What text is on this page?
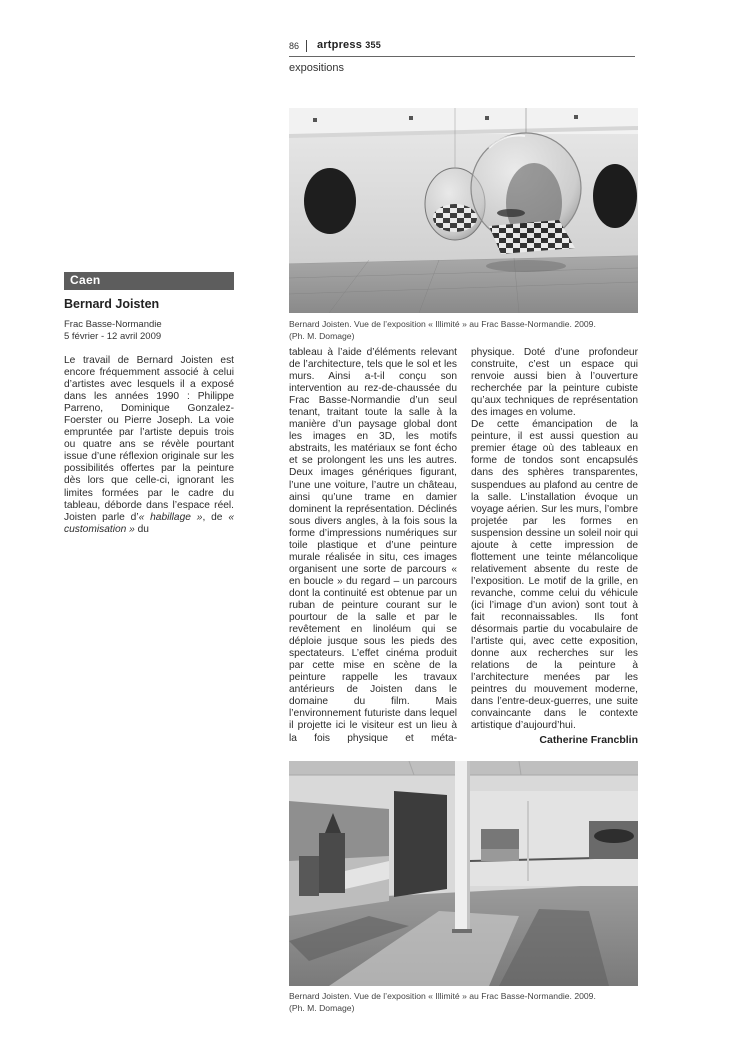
86 artpress 355
expositions
Bernard Joisten. Vue de l’exposition « Illimité » au Frac Basse-Normandie. 2009.
(Ph. M. Domage)
Caen
Bernard Joisten
Frac Basse-Normandie
5 février - 12 avril 2009

Le travail de Bernard Joisten est encore fréquemment associé à celui d’artistes avec lesquels il a exposé dans les années 1990 : Philippe Parreno, Dominique Gonzalez-Foerster ou Pierre Joseph. La voie empruntée par l’artiste depuis trois ou quatre ans se révèle pourtant issue d’une réflexion originale sur les possibilités offertes par la peinture dès lors que celle-ci, ignorant les limites formées par le cadre du tableau, déborde dans l’espace réel. Joisten parle d’« habillage », de « customisation » du

tableau à l’aide d’éléments relevant de l’architecture, tels que le sol et les murs. Ainsi a-t-il conçu son intervention au rez-de-chaussée du Frac Basse-Normandie d’un seul tenant, traitant toute la salle à la manière d’un paysage global dont les images en 3D, les motifs abstraits, les matériaux se font écho et se prolongent les uns les autres. Deux images génériques figurant, l’une une voiture, l’autre un château, ainsi qu’une trame en damier dominent la représentation. Déclinés sous divers angles, à la fois sous la forme d’impressions numériques sur toile plastique et d’une peinture murale réalisée in situ, ces images organisent une sorte de parcours « en boucle » du regard – un parcours dont la continuité est obtenue par un ruban de peinture courant sur le pourtour de la salle et par le revêtement en linoléum qui se déploie jusque sous les pieds des spectateurs. L’effet cinéma produit par cette mise en scène de la peinture rappelle les travaux antérieurs de Joisten dans le domaine du film. Mais l’environnement futuriste dans lequel il projette ici le visiteur est un lieu à la fois physique et méta-

physique. Doté d’une profondeur construite, c’est un espace qui renvoie aussi bien à l’ouverture recherchée par la peinture cubiste qu’aux techniques de représentation des images en volume.

De cette émancipation de la peinture, il est aussi question au premier étage où des tableaux en forme de tondos sont encapsulés dans des sphères transparentes, suspendues au plafond au centre de la salle. L’installation évoque un voyage aérien. Sur les murs, l’ombre projetée par les formes en suspension dessine un soleil noir qui ajoute à cette impression de flottement une teinte mélancolique relativement absente du reste de l’exposition. Le motif de la grille, en revanche, comme celui du véhicule (ici l’image d’un avion) sont tout à fait reconnaissables. Ils font désormais partie du vocabulaire de l’artiste qui, avec cette exposition, donne aux recherches sur les relations de la peinture à l’architecture menées par les peintres du mouvement moderne, dans l’entre-deux-guerres, une suite convaincante dans le contexte artistique d’aujourd’hui.

Catherine Francblin
Bernard Joisten. Vue de l’exposition « Illimité » au Frac Basse-Normandie. 2009.
(Ph. M. Domage)
